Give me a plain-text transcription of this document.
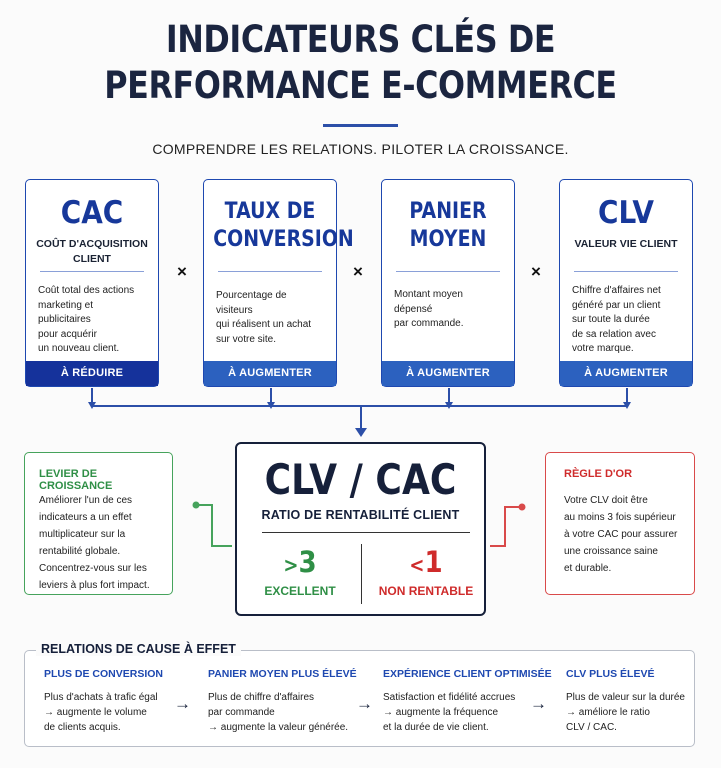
INDICATEURS CLÉS DE
PERFORMANCE E-COMMERCE
COMPRENDRE LES RELATIONS. PILOTER LA CROISSANCE.
CAC
COÛT D'ACQUISITION
CLIENT
Coût total des actions
marketing et publicitaires
pour acquérir
un nouveau client.
À RÉDUIRE
×
TAUX DE
CONVERSION
Pourcentage de visiteurs
qui réalisent un achat
sur votre site.
À AUGMENTER
×
PANIER
MOYEN
Montant moyen dépensé
par commande.
À AUGMENTER
×
CLV
VALEUR VIE CLIENT
Chiffre d'affaires net
généré par un client
sur toute la durée
de sa relation avec
votre marque.
À AUGMENTER
LEVIER DE CROISSANCE
Améliorer l'un de ces
indicateurs a un effet
multiplicateur sur la
rentabilité globale.
Concentrez-vous sur les
leviers à plus fort impact.
CLV / CAC
RATIO DE RENTABILITÉ CLIENT
>3
EXCELLENT
<1
NON RENTABLE
RÈGLE D'OR
Votre CLV doit être
au moins 3 fois supérieur
à votre CAC pour assurer
une croissance saine
et durable.
RELATIONS DE CAUSE À EFFET
PLUS DE CONVERSION
Plus d'achats à trafic égal
→ augmente le volume
de clients acquis.
→
PANIER MOYEN PLUS ÉLEVÉ
Plus de chiffre d'affaires
par commande
→ augmente la valeur générée.
→
EXPÉRIENCE CLIENT OPTIMISÉE
Satisfaction et fidélité accrues
→ augmente la fréquence
et la durée de vie client.
→
CLV PLUS ÉLEVÉ
Plus de valeur sur la durée
→ améliore le ratio
CLV / CAC.
